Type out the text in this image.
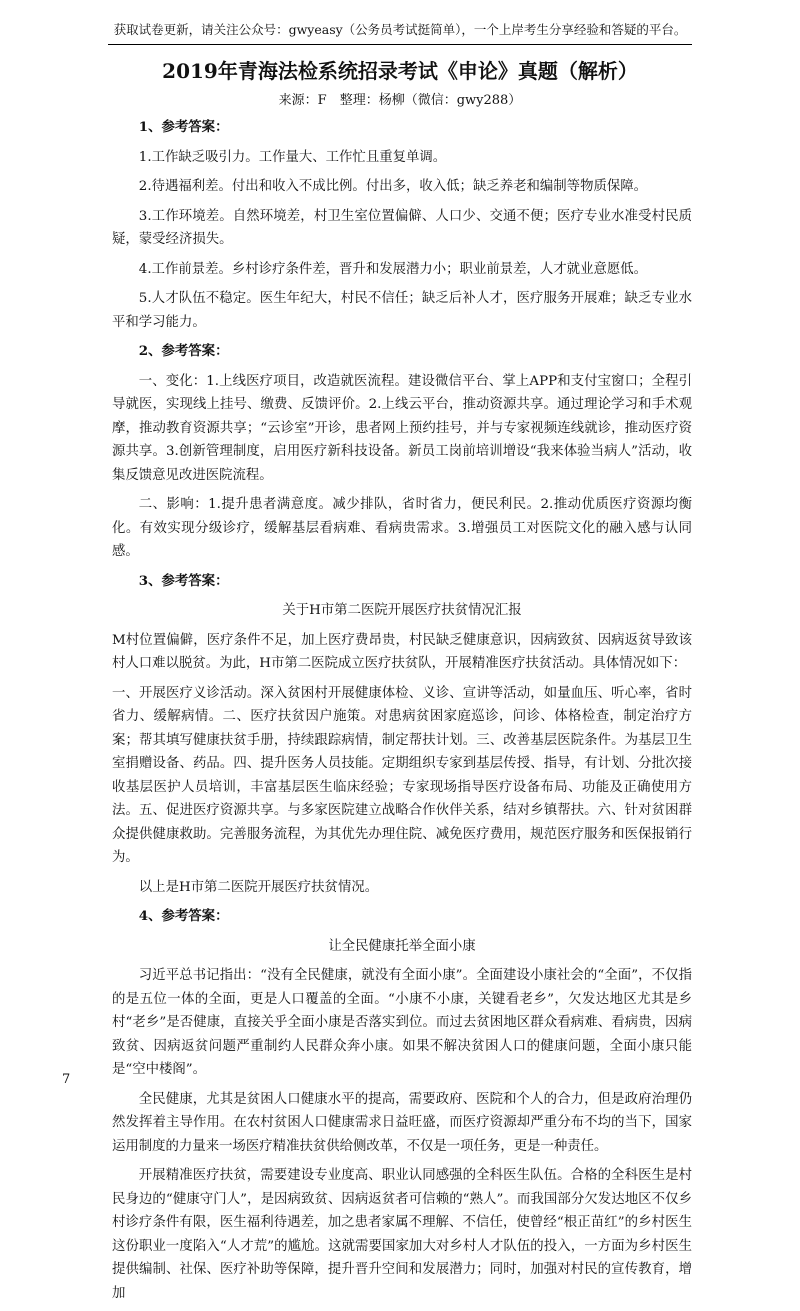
获取试卷更新，请关注公众号：gwyeasy（公务员考试挺简单），一个上岸考生分享经验和答疑的平台。
2019年青海法检系统招录考试《申论》真题（解析）
来源：F　整理：杨柳（微信：gwy288）
1、参考答案：

1.工作缺乏吸引力。工作量大、工作忙且重复单调。

2.待遇福利差。付出和收入不成比例。付出多，收入低；缺乏养老和编制等物质保障。

3.工作环境差。自然环境差，村卫生室位置偏僻、人口少、交通不便；医疗专业水准受村民质疑，蒙受经济损失。

4.工作前景差。乡村诊疗条件差，晋升和发展潜力小；职业前景差，人才就业意愿低。

5.人才队伍不稳定。医生年纪大，村民不信任；缺乏后补人才，医疗服务开展难；缺乏专业水平和学习能力。

2、参考答案：

一、变化：1.上线医疗项目，改造就医流程。建设微信平台、掌上APP和支付宝窗口；全程引导就医，实现线上挂号、缴费、反馈评价。2.上线云平台，推动资源共享。通过理论学习和手术观摩，推动教育资源共享；“云诊室”开诊，患者网上预约挂号，并与专家视频连线就诊，推动医疗资源共享。3.创新管理制度，启用医疗新科技设备。新员工岗前培训增设“我来体验当病人”活动，收集反馈意见改进医院流程。

二、影响：1.提升患者满意度。减少排队，省时省力，便民利民。2.推动优质医疗资源均衡化。有效实现分级诊疗，缓解基层看病难、看病贵需求。3.增强员工对医院文化的融入感与认同感。

3、参考答案：

关于H市第二医院开展医疗扶贫情况汇报

M村位置偏僻，医疗条件不足，加上医疗费昂贵，村民缺乏健康意识，因病致贫、因病返贫导致该村人口难以脱贫。为此，H市第二医院成立医疗扶贫队，开展精准医疗扶贫活动。具体情况如下：

一、开展医疗义诊活动。深入贫困村开展健康体检、义诊、宣讲等活动，如量血压、听心率，省时省力、缓解病情。二、医疗扶贫因户施策。对患病贫困家庭巡诊，问诊、体格检查，制定治疗方案；帮其填写健康扶贫手册，持续跟踪病情，制定帮扶计划。三、改善基层医院条件。为基层卫生室捐赠设备、药品。四、提升医务人员技能。定期组织专家到基层传授、指导，有计划、分批次接收基层医护人员培训，丰富基层医生临床经验；专家现场指导医疗设备布局、功能及正确使用方法。五、促进医疗资源共享。与多家医院建立战略合作伙伴关系，结对乡镇帮扶。六、针对贫困群众提供健康救助。完善服务流程，为其优先办理住院、减免医疗费用，规范医疗服务和医保报销行为。

以上是H市第二医院开展医疗扶贫情况。

4、参考答案：

让全民健康托举全面小康

习近平总书记指出：“没有全民健康，就没有全面小康”。全面建设小康社会的“全面”，不仅指的是五位一体的全面，更是人口覆盖的全面。“小康不小康，关键看老乡”，欠发达地区尤其是乡村“老乡”是否健康，直接关乎全面小康是否落实到位。而过去贫困地区群众看病难、看病贵，因病致贫、因病返贫问题严重制约人民群众奔小康。如果不解决贫困人口的健康问题，全面小康只能是“空中楼阁”。

全民健康，尤其是贫困人口健康水平的提高，需要政府、医院和个人的合力，但是政府治理仍然发挥着主导作用。在农村贫困人口健康需求日益旺盛，而医疗资源却严重分布不均的当下，国家运用制度的力量来一场医疗精准扶贫供给侧改革，不仅是一项任务，更是一种责任。

开展精准医疗扶贫，需要建设专业度高、职业认同感强的全科医生队伍。合格的全科医生是村民身边的“健康守门人”，是因病致贫、因病返贫者可信赖的“熟人”。而我国部分欠发达地区不仅乡村诊疗条件有限，医生福利待遇差，加之患者家属不理解、不信任，使曾经“根正苗红”的乡村医生这份职业一度陷入“人才荒”的尴尬。这就需要国家加大对乡村人才队伍的投入，一方面为乡村医生提供编制、社保、医疗补助等保障，提升晋升空间和发展潜力；同时，加强对村民的宣传教育，增加

7
